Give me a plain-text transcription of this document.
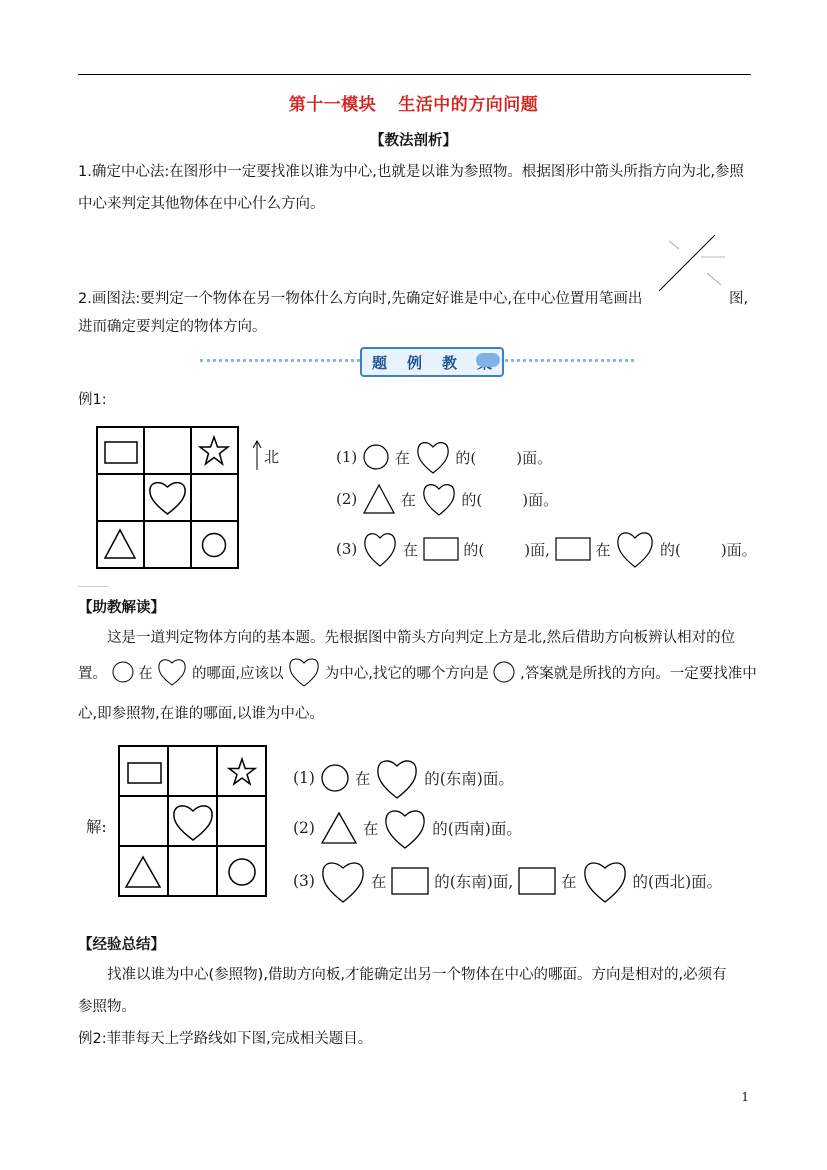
第十一模块 生活中的方向问题
【教法剖析】
1.确定中心法:在图形中一定要找准以谁为中心,也就是以谁为参照物。根据图形中箭头所指方向为北,参照中心来判定其他物体在中心什么方向。
2.画图法:要判定一个物体在另一物体什么方向时,先确定好谁是中心,在中心位置用笔画出	图,
进而确定要判定的物体方向。
题 例 教
例1:

北	(1)	在	的(	)面。
(2)	在	的(	)面。
(3)	在	的(	)面,	在	的(	)面。
【助教解读】
这是一道判定物体方向的基本题。先根据图中箭头方向判定上方是北,然后借助方向板辨认相对的位
置。 在	的哪面,应该以	为中心,找它的哪个方向是 ,答案就是所找的方向。一定要找准中
心,即参照物,在谁的哪面,以谁为中心。
解:

(1)	在	的(东南)面。
(2)	在	的(西南)面。
(3)	在	的(东南)面,	在	的(西北)面。
【经验总结】
找准以谁为中心(参照物),借助方向板,才能确定出另一个物体在中心的哪面。方向是相对的,必须有
参照物。
例2:菲菲每天上学路线如下图,完成相关题目。
1
